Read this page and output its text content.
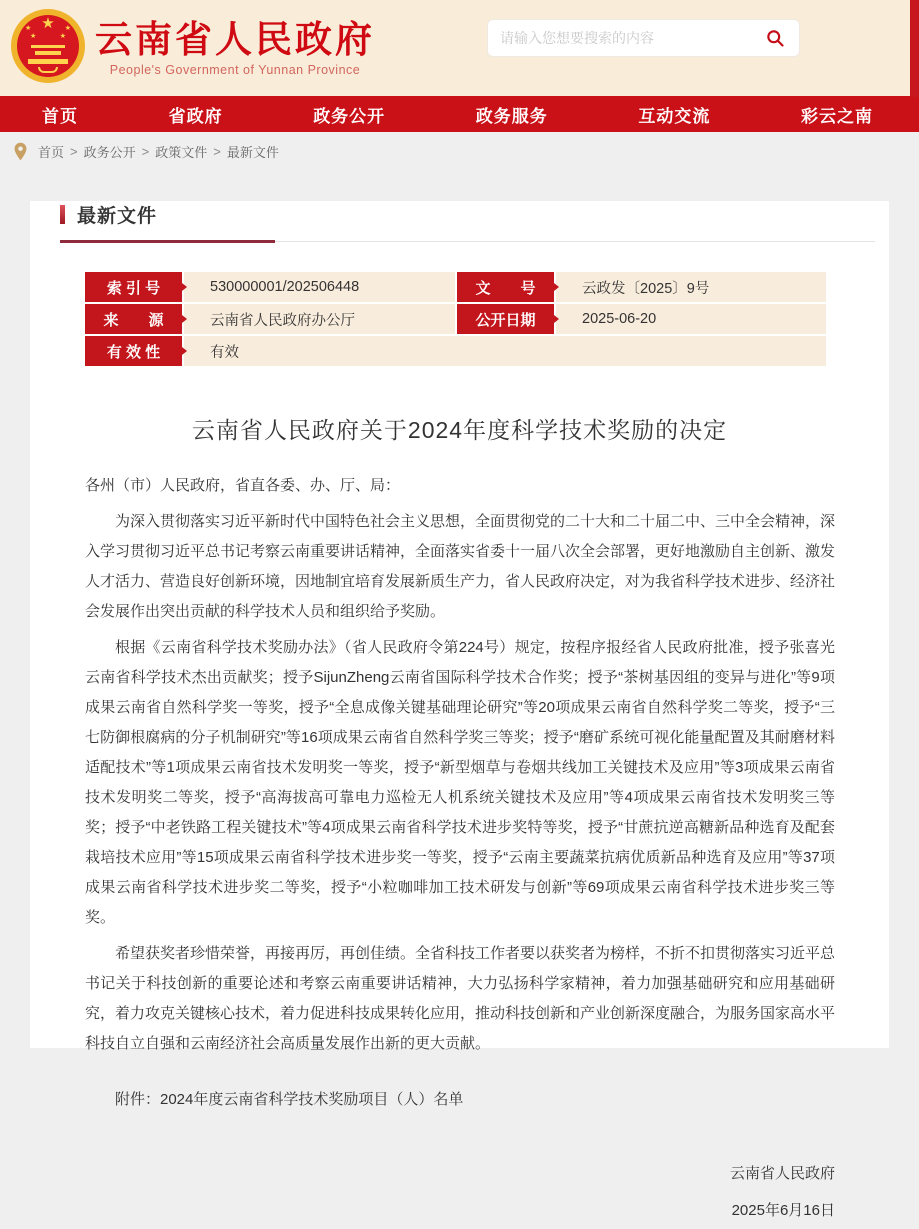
★
★	★
★	★ 云南省人民政府
People's Government of Yunnan Province
请输入您想要搜索的内容
首页	省政府	政务公开	政务服务	互动交流	彩云之南
首页 > 政务公开 > 政策文件 > 最新文件
最新文件
索 引 号	530000001/202506448	文　　号	云政发〔2025〕9号
来　　源	云南省人民政府办公厅	公开日期	2025-06-20
有 效 性	有效
云南省人民政府关于2024年度科学技术奖励的决定

各州（市）人民政府，省直各委、办、厅、局：

为深入贯彻落实习近平新时代中国特色社会主义思想，全面贯彻党的二十大和二十届二中、三中全会精神，深入学习贯彻习近平总书记考察云南重要讲话精神，全面落实省委十一届八次全会部署，更好地激励自主创新、激发人才活力、营造良好创新环境，因地制宜培育发展新质生产力，省人民政府决定，对为我省科学技术进步、经济社会发展作出突出贡献的科学技术人员和组织给予奖励。

根据《云南省科学技术奖励办法》（省人民政府令第224号）规定，按程序报经省人民政府批准，授予张喜光云南省科学技术杰出贡献奖；授予SijunZheng云南省国际科学技术合作奖；授予“茶树基因组的变异与进化”等9项成果云南省自然科学奖一等奖，授予“全息成像关键基础理论研究”等20项成果云南省自然科学奖二等奖，授予“三七防御根腐病的分子机制研究”等16项成果云南省自然科学奖三等奖；授予“磨矿系统可视化能量配置及其耐磨材料适配技术”等1项成果云南省技术发明奖一等奖，授予“新型烟草与卷烟共线加工关键技术及应用”等3项成果云南省技术发明奖二等奖，授予“高海拔高可靠电力巡检无人机系统关键技术及应用”等4项成果云南省技术发明奖三等奖；授予“中老铁路工程关键技术”等4项成果云南省科学技术进步奖特等奖，授予“甘蔗抗逆高糖新品种选育及配套栽培技术应用”等15项成果云南省科学技术进步奖一等奖，授予“云南主要蔬菜抗病优质新品种选育及应用”等37项成果云南省科学技术进步奖二等奖，授予“小粒咖啡加工技术研发与创新”等69项成果云南省科学技术进步奖三等奖。

希望获奖者珍惜荣誉，再接再厉，再创佳绩。全省科技工作者要以获奖者为榜样，不折不扣贯彻落实习近平总书记关于科技创新的重要论述和考察云南重要讲话精神，大力弘扬科学家精神，着力加强基础研究和应用基础研究，着力攻克关键核心技术，着力促进科技成果转化应用，推动科技创新和产业创新深度融合，为服务国家高水平科技自立自强和云南经济社会高质量发展作出新的更大贡献。

附件：2024年度云南省科学技术奖励项目（人）名单

云南省人民政府
2025年6月16日
